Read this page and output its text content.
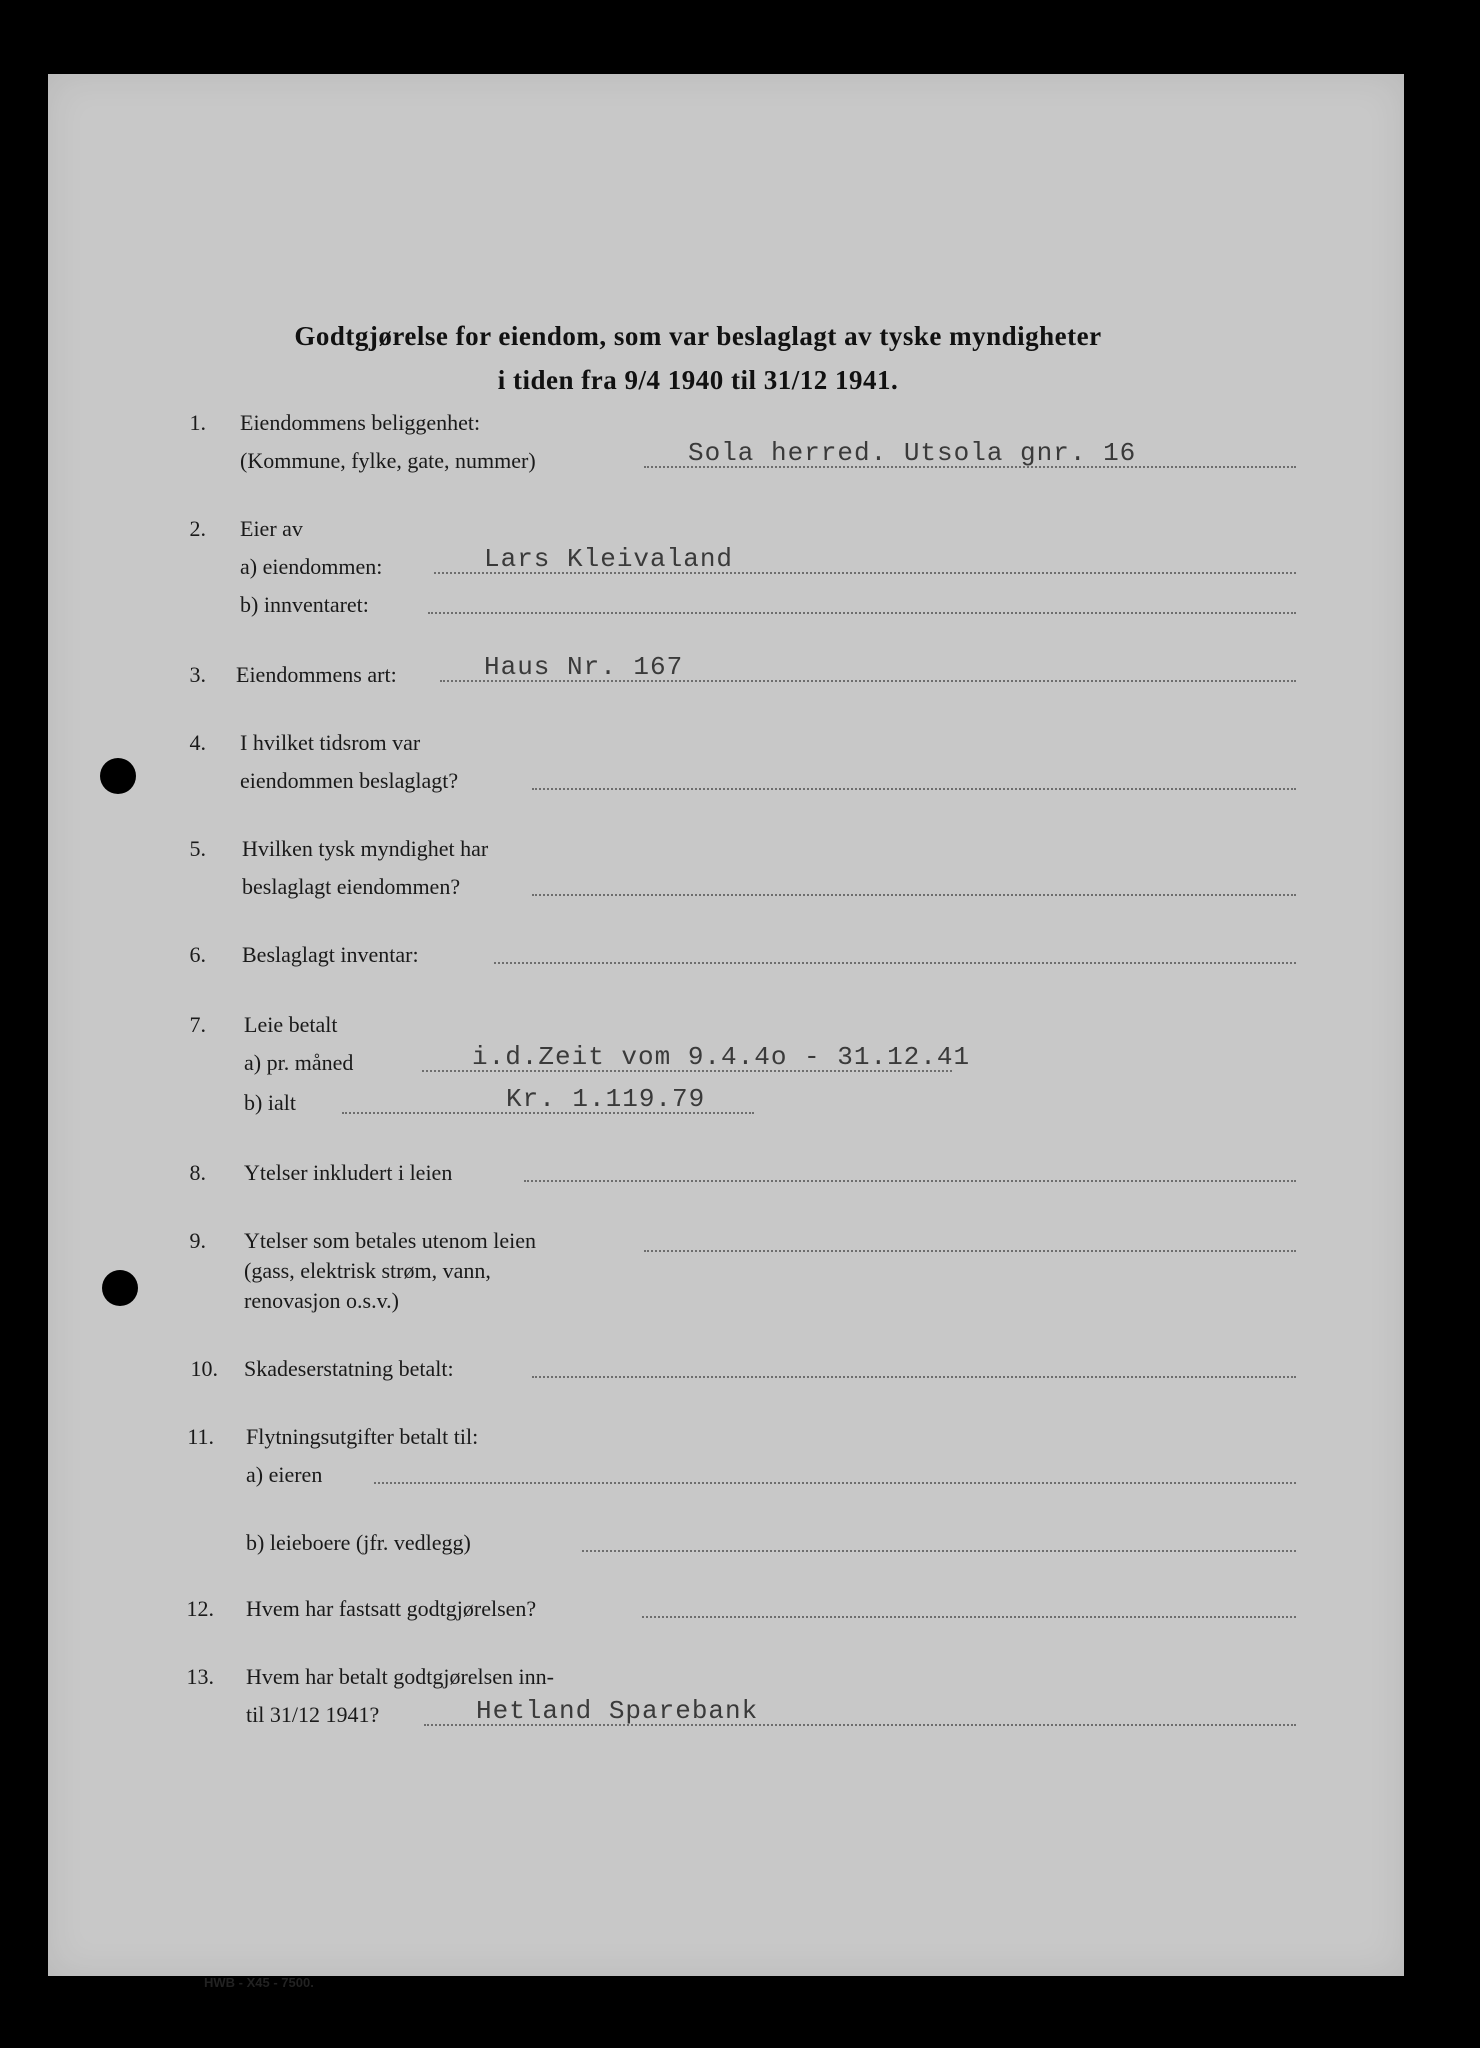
Godtgjørelse for eiendom, som var beslaglagt av tyske myndigheter
i tiden fra 9/4 1940 til 31/12 1941.
1. Eiendommens beliggenhet:
(Kommune, fylke, gate, nummer)	Sola herred. Utsola gnr. 16
2. Eier av
a) eiendommen:	Lars Kleivaland
b) innventaret:
3. Eiendommens art:	Haus Nr. 167
4. I hvilket tidsrom var
eiendommen beslaglagt?
5. Hvilken tysk myndighet har
beslaglagt eiendommen?
6. Beslaglagt inventar:
7. Leie betalt
a) pr. måned	i.d.Zeit vom 9.4.4o - 31.12.41
b) ialt	Kr. 1.119.79
8. Ytelser inkludert i leien
9. Ytelser som betales utenom leien
(gass, elektrisk strøm, vann,
renovasjon o.s.v.)
10. Skadeserstatning betalt:
11. Flytningsutgifter betalt til:
a) eieren
b) leieboere (jfr. vedlegg)
12. Hvem har fastsatt godtgjørelsen?
13. Hvem har betalt godtgjørelsen inn-
til 31/12 1941?	Hetland Sparebank
HWB - X45 - 7500.
